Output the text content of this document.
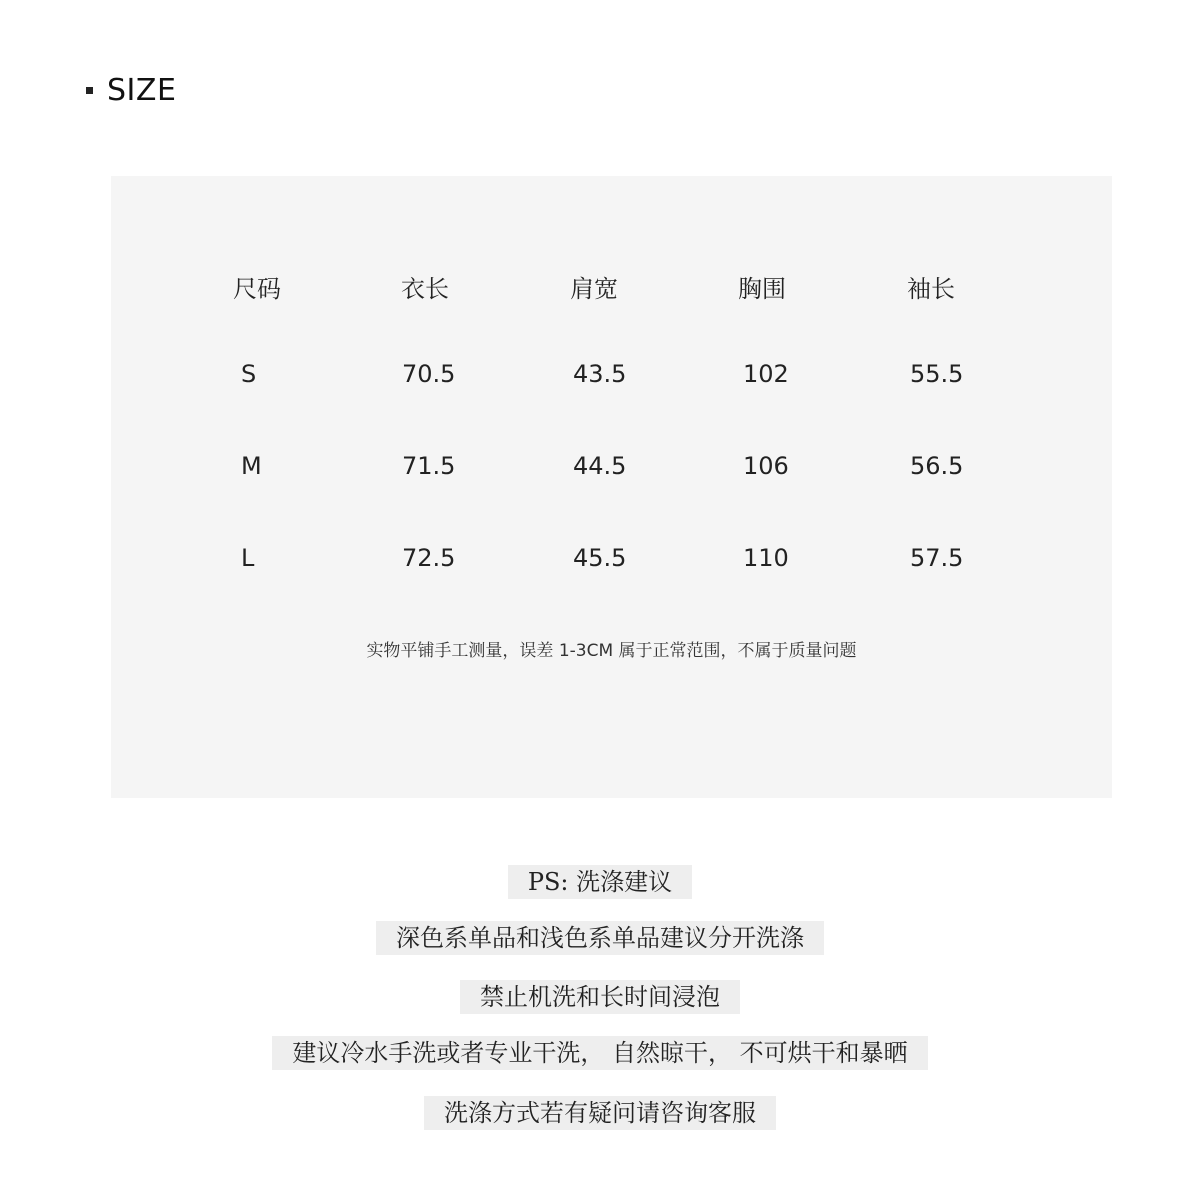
SIZE
尺码	衣长	肩宽	胸围	袖长
S	70.5	43.5	102	55.5
M	71.5	44.5	106	56.5
L	72.5	45.5	110	57.5
实物平铺手工测量，误差 1-3CM 属于正常范围，不属于质量问题
PS: 洗涤建议
深色系单品和浅色系单品建议分开洗涤
禁止机洗和长时间浸泡
建议冷水手洗或者专业干洗， 自然晾干， 不可烘干和暴晒
洗涤方式若有疑问请咨询客服
